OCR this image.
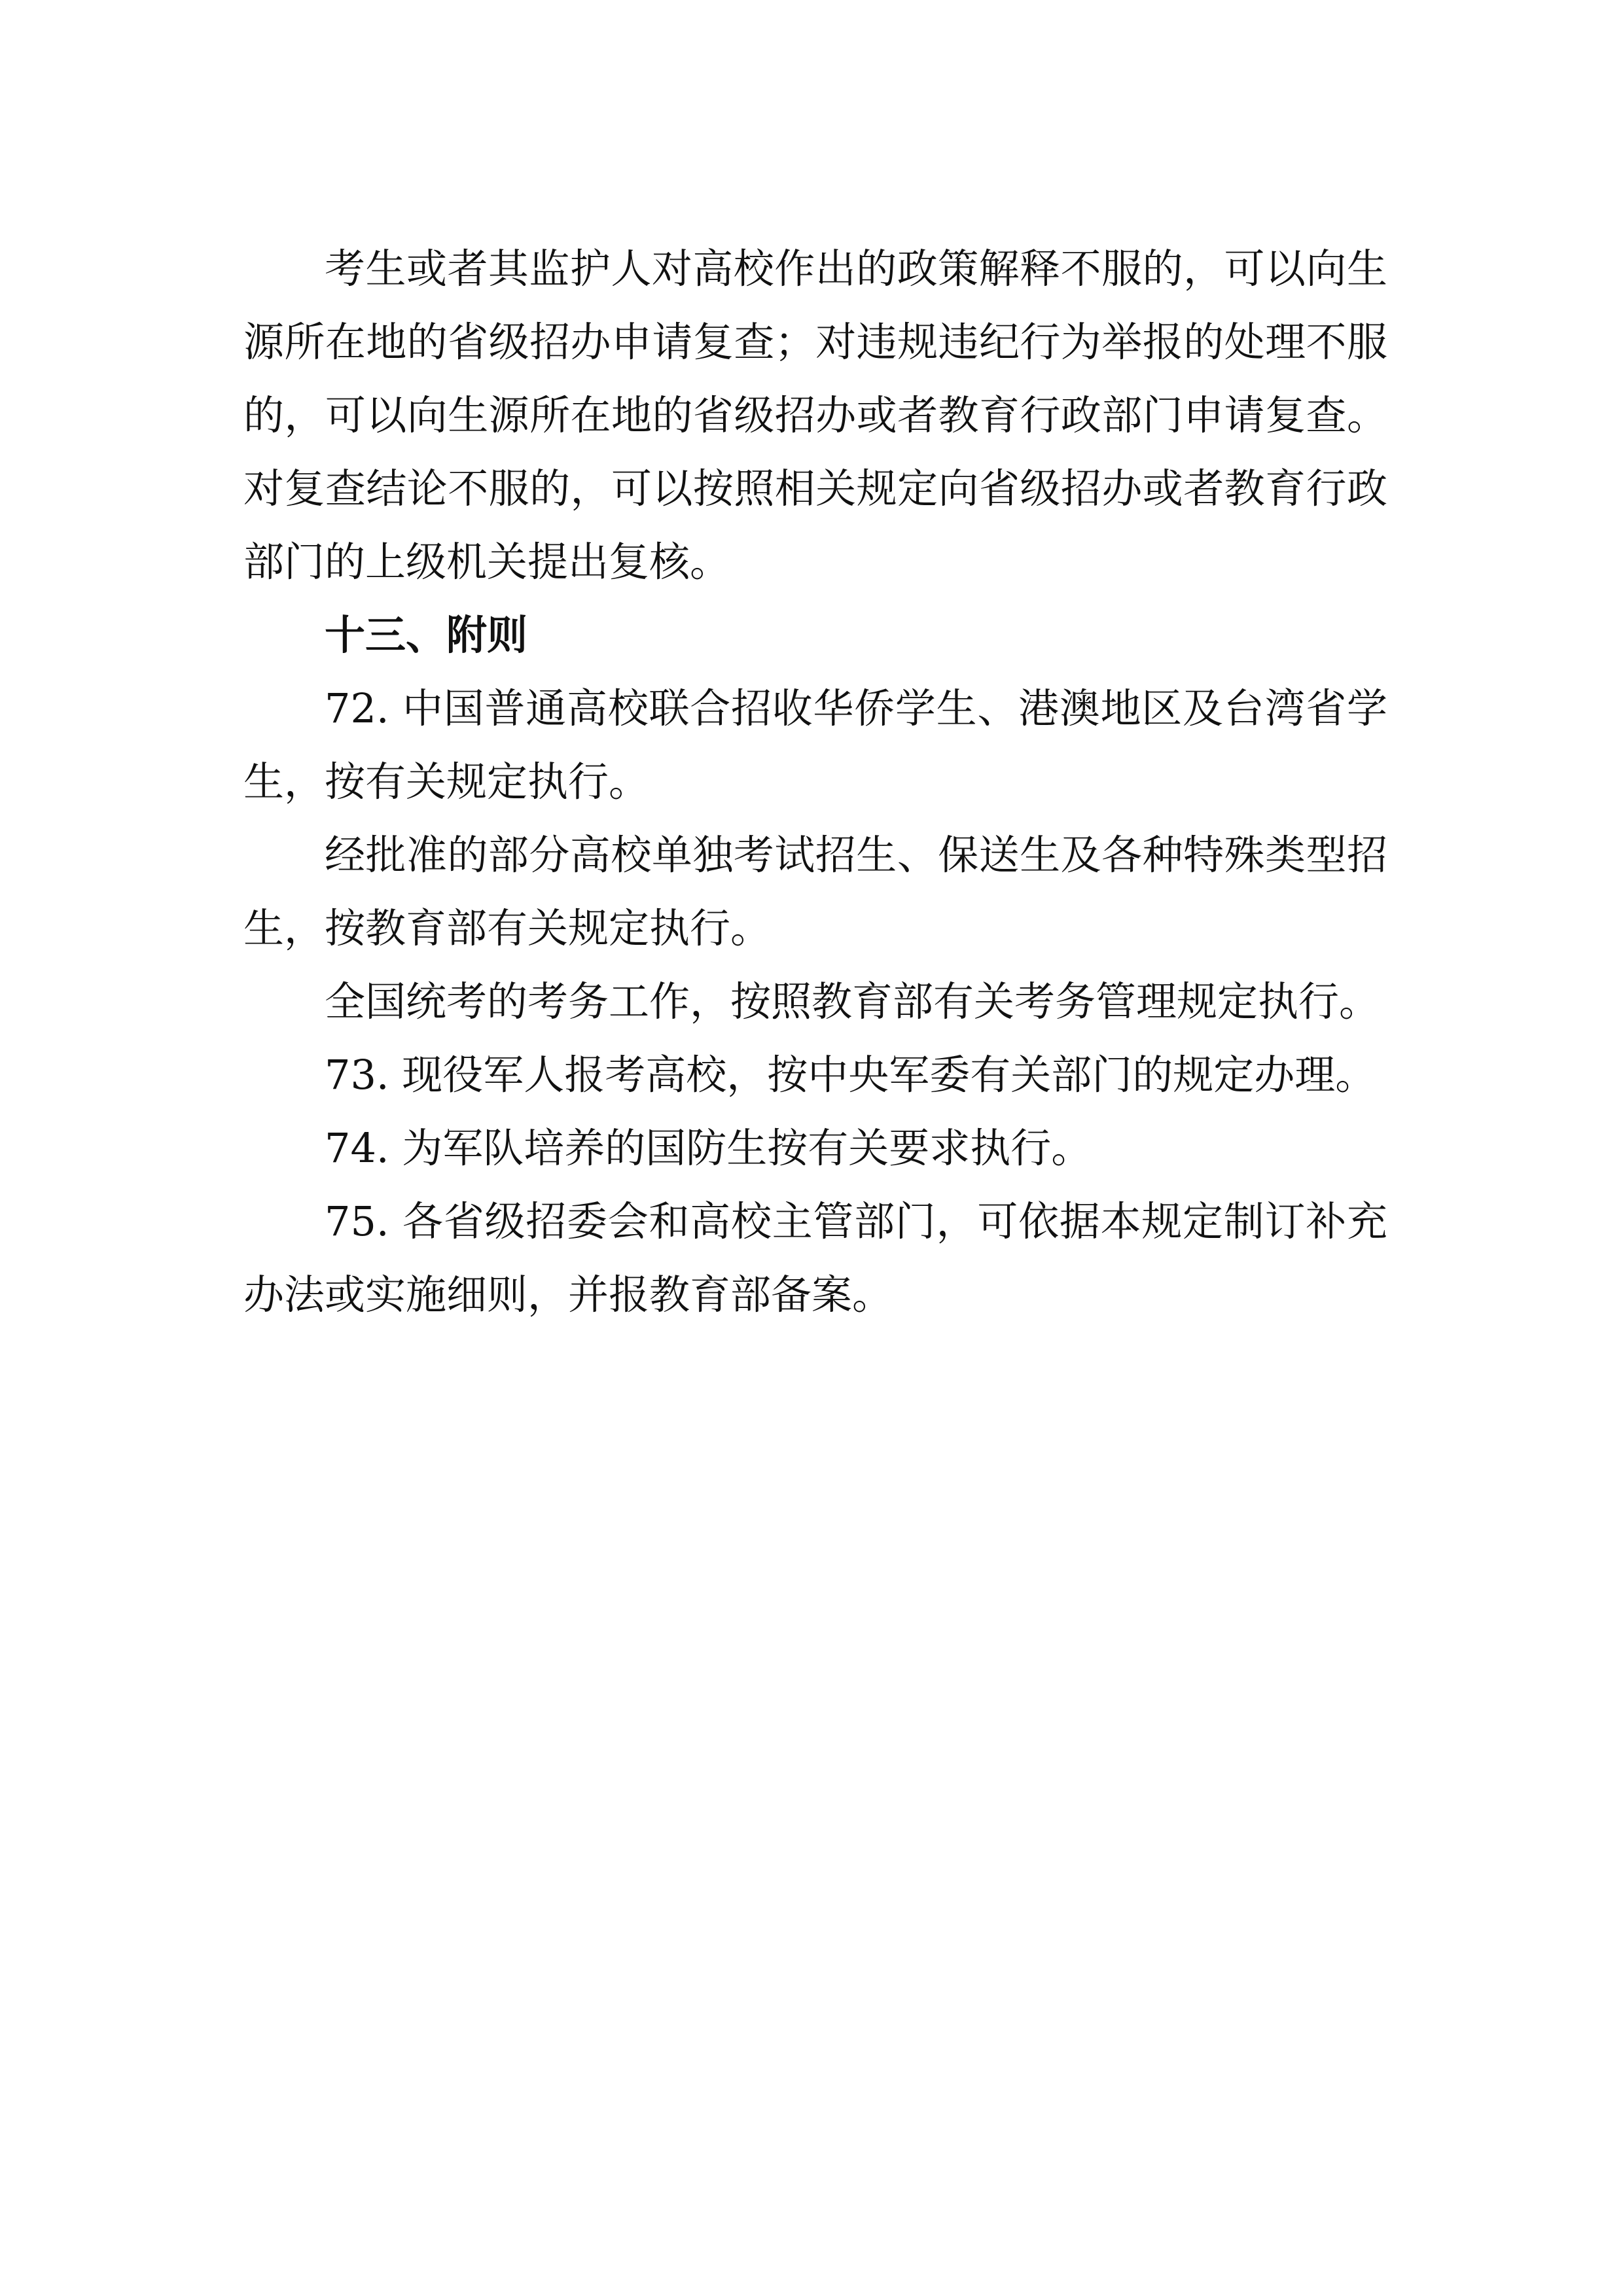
考生或者其监护人对高校作出的政策解释不服的，可以向生源所在地的省级招办申请复查；对违规违纪行为举报的处理不服的，可以向生源所在地的省级招办或者教育行政部门申请复查。对复查结论不服的，可以按照相关规定向省级招办或者教育行政部门的上级机关提出复核。

十三、附则

72. 中国普通高校联合招收华侨学生、港澳地区及台湾省学生，按有关规定执行。

经批准的部分高校单独考试招生、保送生及各种特殊类型招生，按教育部有关规定执行。

全国统考的考务工作，按照教育部有关考务管理规定执行。

73. 现役军人报考高校，按中央军委有关部门的规定办理。

74. 为军队培养的国防生按有关要求执行。

75. 各省级招委会和高校主管部门，可依据本规定制订补充办法或实施细则，并报教育部备案。
